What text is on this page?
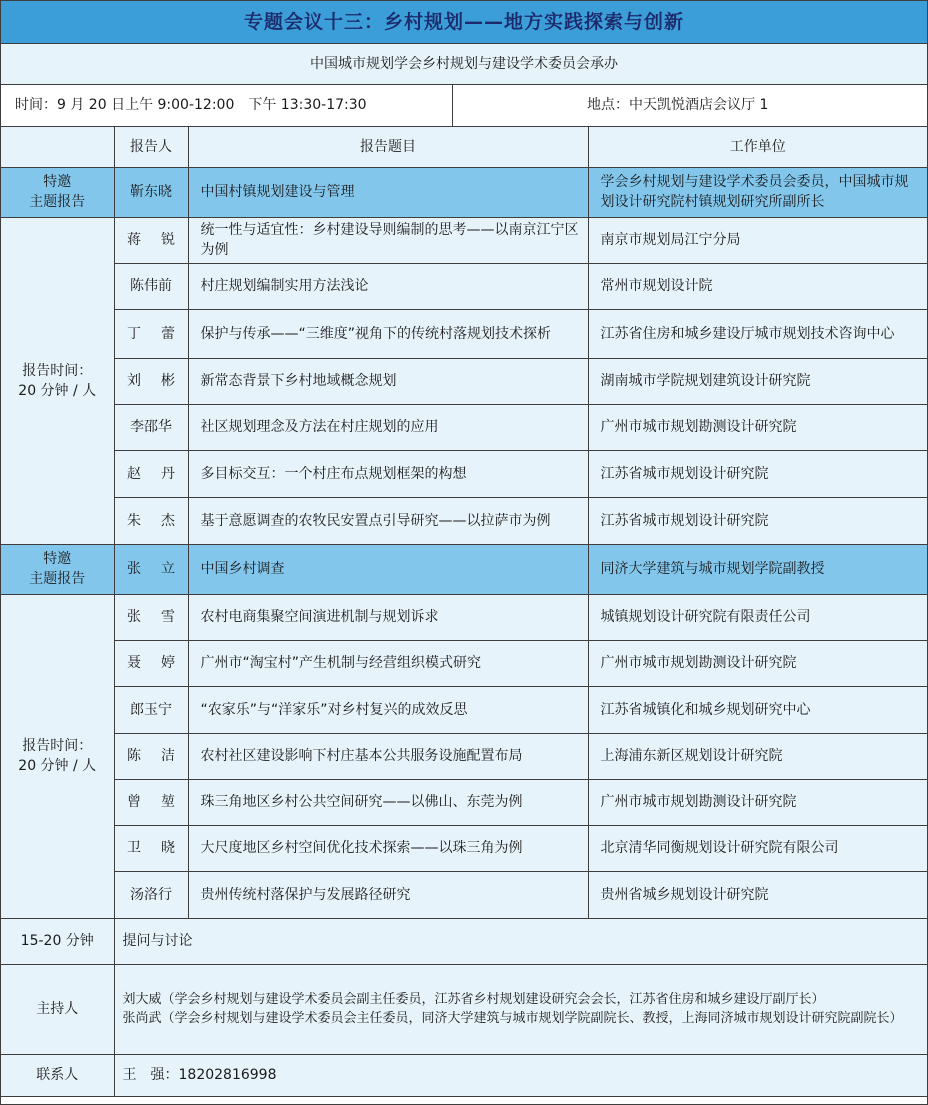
专题会议十三：乡村规划——地方实践探索与创新
中国城市规划学会乡村规划与建设学术委员会承办
时间：9 月 20 日上午 9:00-12:00　下午 13:30-17:30	地点：中天凯悦酒店会议厅 1
	报告人	报告题目	工作单位

特邀
主题报告	靳东晓	中国村镇规划建设与管理	学会乡村规划与建设学术委员会委员，中国城市规划设计研究院村镇规划研究所副所长

报告时间：
20 分钟 / 人	蒋锐	统一性与适宜性：乡村建设导则编制的思考——以南京江宁区为例	南京市规划局江宁分局
	陈伟前	村庄规划编制实用方法浅论	常州市规划设计院
	丁蕾	保护与传承——“三维度”视角下的传统村落规划技术探析	江苏省住房和城乡建设厅城市规划技术咨询中心
	刘彬	新常态背景下乡村地域概念规划	湖南城市学院规划建筑设计研究院
	李邵华	社区规划理念及方法在村庄规划的应用	广州市城市规划勘测设计研究院
	赵丹	多目标交互：一个村庄布点规划框架的构想	江苏省城市规划设计研究院
	朱杰	基于意愿调查的农牧民安置点引导研究——以拉萨市为例	江苏省城市规划设计研究院

特邀
主题报告	张立	中国乡村调查	同济大学建筑与城市规划学院副教授

报告时间：
20 分钟 / 人	张雪	农村电商集聚空间演进机制与规划诉求	城镇规划设计研究院有限责任公司
	聂婷	广州市“淘宝村”产生机制与经营组织模式研究	广州市城市规划勘测设计研究院
	郎玉宁	“农家乐”与“洋家乐”对乡村复兴的成效反思	江苏省城镇化和城乡规划研究中心
	陈洁	农村社区建设影响下村庄基本公共服务设施配置布局	上海浦东新区规划设计研究院
	曾堃	珠三角地区乡村公共空间研究——以佛山、东莞为例	广州市城市规划勘测设计研究院
	卫晓	大尺度地区乡村空间优化技术探索——以珠三角为例	北京清华同衡规划设计研究院有限公司
	汤洛行	贵州传统村落保护与发展路径研究	贵州省城乡规划设计研究院
15-20 分钟	提问与讨论		
主持人	刘大威（学会乡村规划与建设学术委员会副主任委员，江苏省乡村规划建设研究会会长，江苏省住房和城乡建设厅副厅长）

张尚武（学会乡村规划与建设学术委员会主任委员，同济大学建筑与城市规划学院副院长、教授，上海同济城市规划设计研究院副院长）		

联系人	王　强：18202816998		
